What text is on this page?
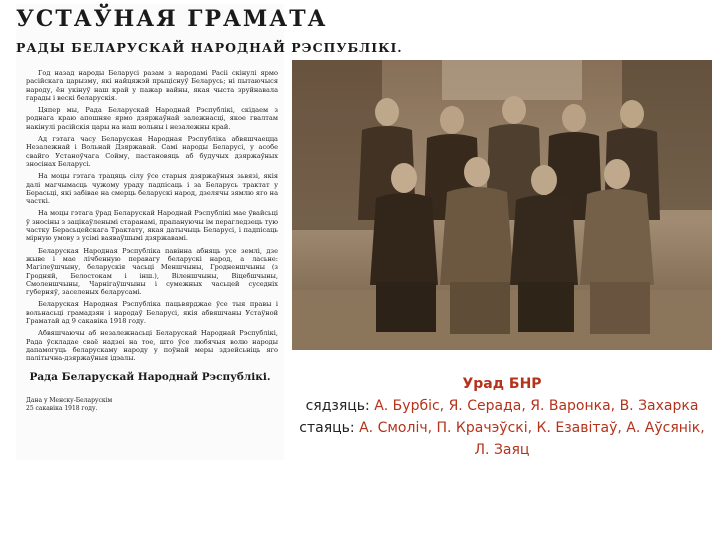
УСТАЎНАЯ ГРАМАТА
РАДЫ БЕЛАРУСКАЙ НАРОДНАЙ РЭСПУБЛІКІ.

Год назад народы Беларусі разам з народамі Расіі скінулі ярмо расійскага царызму, які найцяжэй прыціснуў Беларусь; ні пытаючыся народу, ён укінуў наш край у пажар вайны, якая чыста зруйнавала гарады і вескі беларускія.

Цяпер мы, Рада Беларускай Народнай Рэспублікі, скідаем з роднага краю апошняе ярмо дзяржаўнай залежнасці, якое гвалтам накінулі расійскія цары на наш вольны і незалежны край.

Ад гэтага часу Беларуская Народная Рэспубліка абвяшчаецца Незалежнай і Вольнай Дзяржавай. Самі народы Беларусі, у асобе свайго Устаноўчага Сойму, пастановяць аб будучых дзяржаўных зносінах Беларусі.

На моцы гэтага трацяць сілу ўсе старыя дзяржаўныя зьвязі, якія далі магчымасць чужому ураду падпісаць і за Беларусь трактат у Берасьці, які забівае на смерць беларускі народ, дзелячы зямлю яго на часткі.

На моцы гэтага ўрад Беларускай Народнай Рэспублікі мае ўвайсьці ў зносіны з зацікаўленымі старанамі, прапануючы ім перагледзець тую частку Берасьцейскага Трактату, якая датычыць Беларусі, і падпісаць мірную умову з усімі ваяваўшымі дзяржавамі.

Беларуская Народная Рэспубліка павінна абняць усе землі, дзе жыве і мае лічбенную перавагу беларускі народ, а ласьне: Магілеўшчыну, беларускія часьці Меншчыны, Гродненшчыны (з Гродняй, Белостокам і інш.), Віленшчыны, Віцебшчыны, Смоленшчыны, Чарнігаўшчыны і сумежных часьцей суседніх губерняў, заселеных беларусамі.

Беларуская Народная Рэспубліка пацьвярджае ўсе тыя правы і вольнасьці грамадзян і народаў Беларусі, якія абвяшчаны Устаўной Граматай ад 9 сакавіка 1918 году.

Абвяшчаючы аб незалежнасьці Беларускай Народнай Рэспублікі, Рада ўскладае сваё надзеі на тое, што ўсе любячыя волю народы дапамогуць беларускаму народу у поўнай меры здзейсьніць яго палітычна-дзяржаўныя ідэалы.

Рада Беларускай Народнай Рэспублікі.
Дана у Менску-Беларускім
25 сакавіка 1918 году.
Урад БНР
сядзяць: А. Бурбіс, Я. Серада, Я. Варонка, В. Захарка
стаяць: А. Смоліч, П. Крачэўскі, К. Езавітаў, А. Аўсянік, Л. Заяц
